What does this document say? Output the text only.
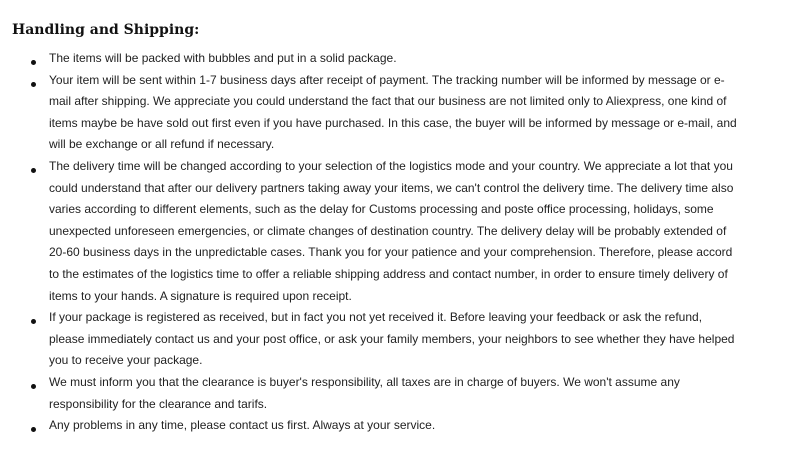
Handling and Shipping:
The items will be packed with bubbles and put in a solid package.
Your item will be sent within 1-7 business days after receipt of payment. The tracking number will be informed by message or e-
mail after shipping. We appreciate you could understand the fact that our business are not limited only to Aliexpress, one kind of
items maybe be have sold out first even if you have purchased. In this case, the buyer will be informed by message or e-mail, and
will be exchange or all refund if necessary.
The delivery time will be changed according to your selection of the logistics mode and your country. We appreciate a lot that you
could understand that after our delivery partners taking away your items, we can't control the delivery time. The delivery time also
varies according to different elements, such as the delay for Customs processing and poste office processing, holidays, some
unexpected unforeseen emergencies, or climate changes of destination country. The delivery delay will be probably extended of
20-60 business days in the unpredictable cases. Thank you for your patience and your comprehension. Therefore, please accord
to the estimates of the logistics time to offer a reliable shipping address and contact number, in order to ensure timely delivery of
items to your hands. A signature is required upon receipt.
If your package is registered as received, but in fact you not yet received it. Before leaving your feedback or ask the refund,
please immediately contact us and your post office, or ask your family members, your neighbors to see whether they have helped
you to receive your package.
We must inform you that the clearance is buyer's responsibility, all taxes are in charge of buyers. We won't assume any
responsibility for the clearance and tarifs.
Any problems in any time, please contact us first. Always at your service.
